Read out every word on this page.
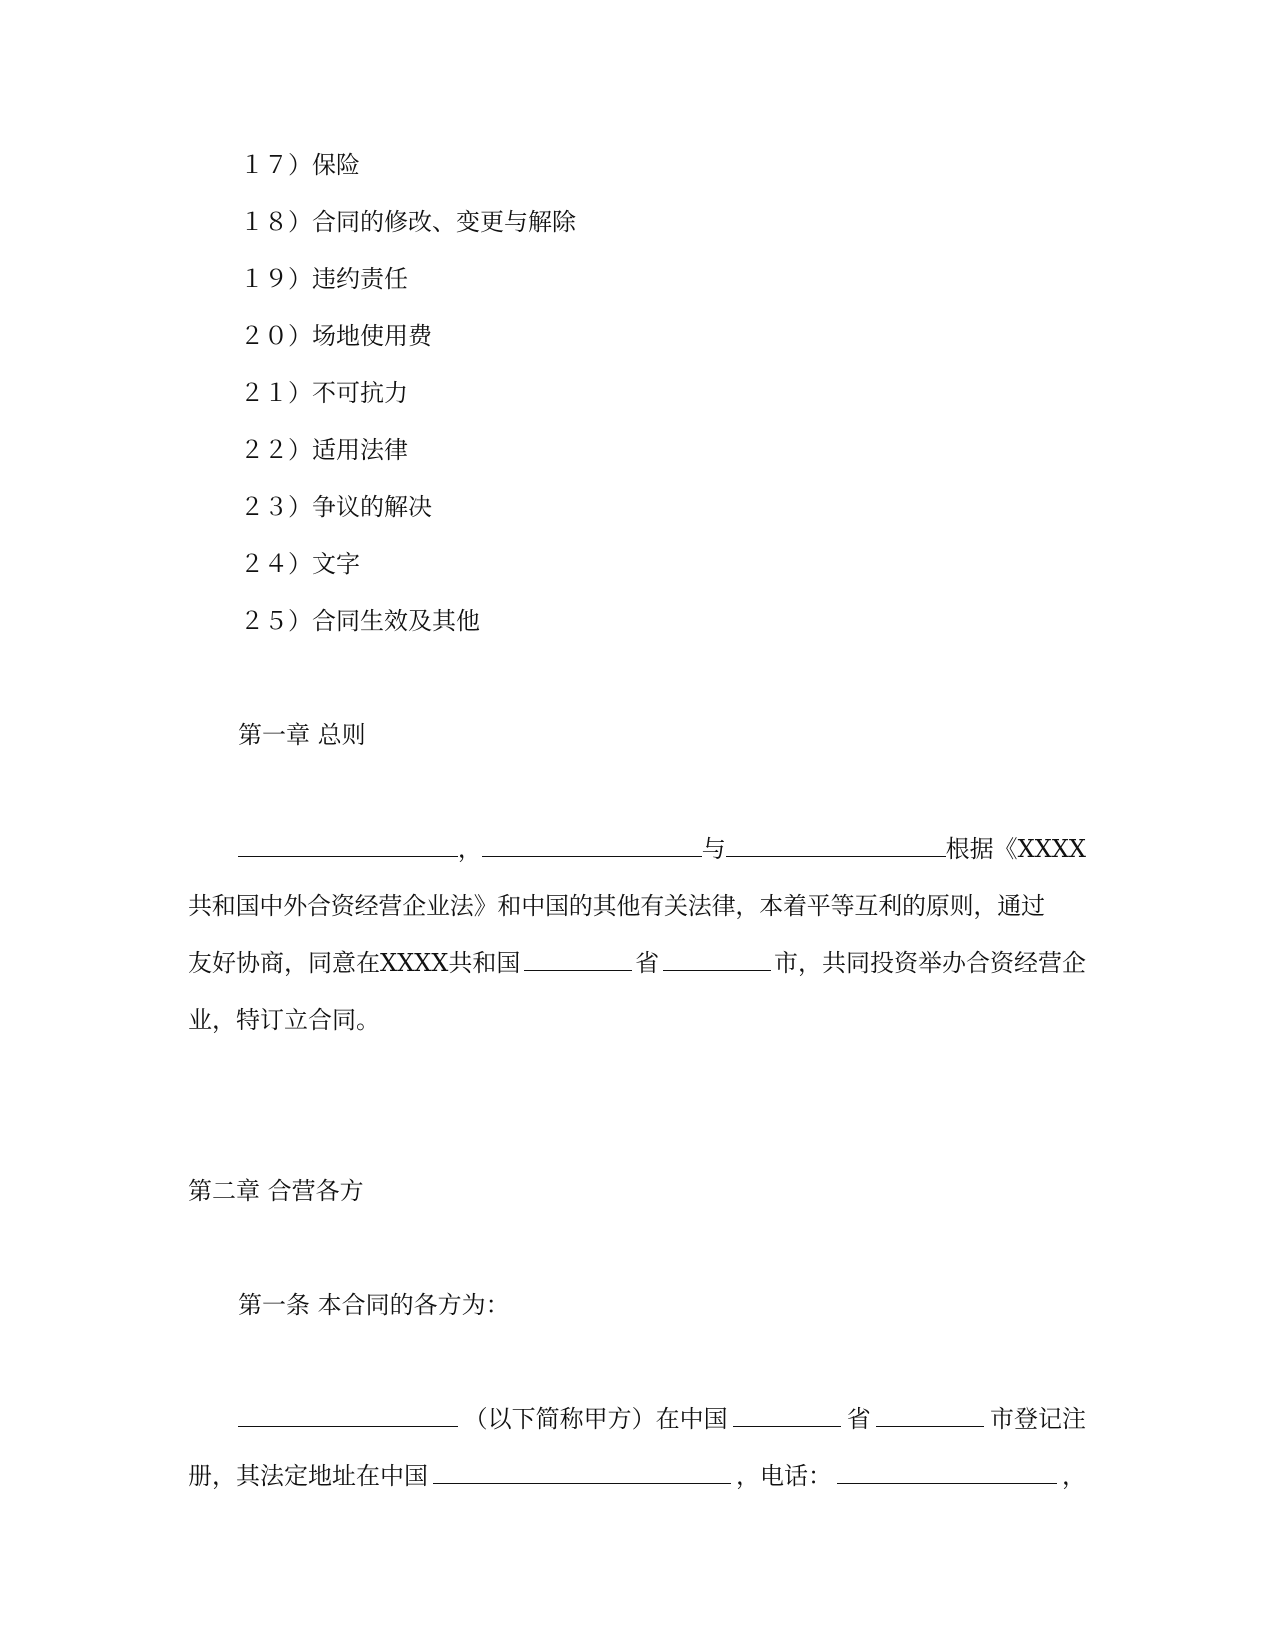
１７）保险
１８）合同的修改、变更与解除
１９）违约责任
２０）场地使用费
２１）不可抗力
２２）适用法律
２３）争议的解决
２４）文字
２５）合同生效及其他
第一章 总则
，	与	根据《XXXX
共和国中外合资经营企业法》和中国的其他有关法律，本着平等互利的原则，通过
友好协商，同意在XXXX共和国	省	市，共同投资举办合资经营企
业，特订立合同。
第二章 合营各方
第一条 本合同的各方为：
（以下简称甲方）在中国	省	市登记注
册，其法定地址在中国	，电话：	，
